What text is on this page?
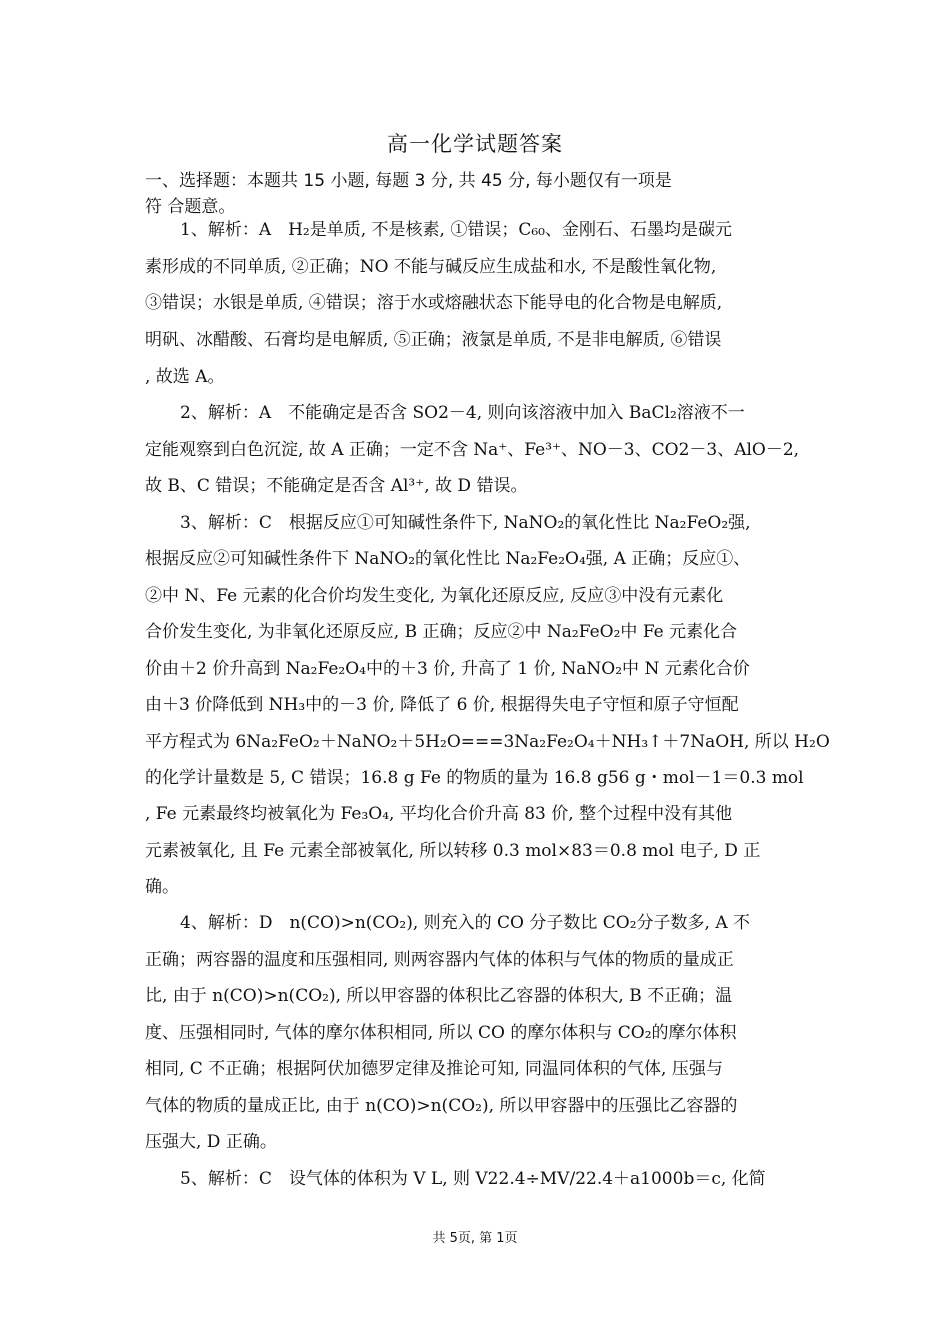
高一化学试题答案
一、选择题：本题共 15 小题, 每题 3 分, 共 45 分, 每小题仅有一项是
符 合题意。
1、解析：A　H₂是单质, 不是核素, ①错误；C₆₀、金刚石、石墨均是碳元
素形成的不同单质, ②正确；NO 不能与碱反应生成盐和水, 不是酸性氧化物,
③错误；水银是单质, ④错误；溶于水或熔融状态下能导电的化合物是电解质,
明矾、冰醋酸、石膏均是电解质, ⑤正确；液氯是单质, 不是非电解质, ⑥错误
, 故选 A。
2、解析：A　不能确定是否含 SO2－4, 则向该溶液中加入 BaCl₂溶液不一
定能观察到白色沉淀, 故 A 正确；一定不含 Na⁺、Fe³⁺、NO－3、CO2－3、AlO－2,
故 B、C 错误；不能确定是否含 Al³⁺, 故 D 错误。
3、解析：C　根据反应①可知碱性条件下, NaNO₂的氧化性比 Na₂FeO₂强,
根据反应②可知碱性条件下 NaNO₂的氧化性比 Na₂Fe₂O₄强, A 正确；反应①、
②中 N、Fe 元素的化合价均发生变化, 为氧化还原反应, 反应③中没有元素化
合价发生变化, 为非氧化还原反应, B 正确；反应②中 Na₂FeO₂中 Fe 元素化合
价由＋2 价升高到 Na₂Fe₂O₄中的＋3 价, 升高了 1 价, NaNO₂中 N 元素化合价
由＋3 价降低到 NH₃中的－3 价, 降低了 6 价, 根据得失电子守恒和原子守恒配
平方程式为 6Na₂FeO₂＋NaNO₂＋5H₂O===3Na₂Fe₂O₄＋NH₃↑＋7NaOH, 所以 H₂O
的化学计量数是 5, C 错误；16.8 g Fe 的物质的量为 16.8 g56 g・mol－1＝0.3 mol
, Fe 元素最终均被氧化为 Fe₃O₄, 平均化合价升高 83 价, 整个过程中没有其他
元素被氧化, 且 Fe 元素全部被氧化, 所以转移 0.3 mol×83＝0.8 mol 电子, D 正
确。
4、解析：D　n(CO)>n(CO₂), 则充入的 CO 分子数比 CO₂分子数多, A 不
正确；两容器的温度和压强相同, 则两容器内气体的体积与气体的物质的量成正
比, 由于 n(CO)>n(CO₂), 所以甲容器的体积比乙容器的体积大, B 不正确；温
度、压强相同时, 气体的摩尔体积相同, 所以 CO 的摩尔体积与 CO₂的摩尔体积
相同, C 不正确；根据阿伏加德罗定律及推论可知, 同温同体积的气体, 压强与
气体的物质的量成正比, 由于 n(CO)>n(CO₂), 所以甲容器中的压强比乙容器的
压强大, D 正确。
5、解析：C　设气体的体积为 V L, 则 V22.4÷MV/22.4＋a1000b＝c, 化简
共 5页, 第 1页
